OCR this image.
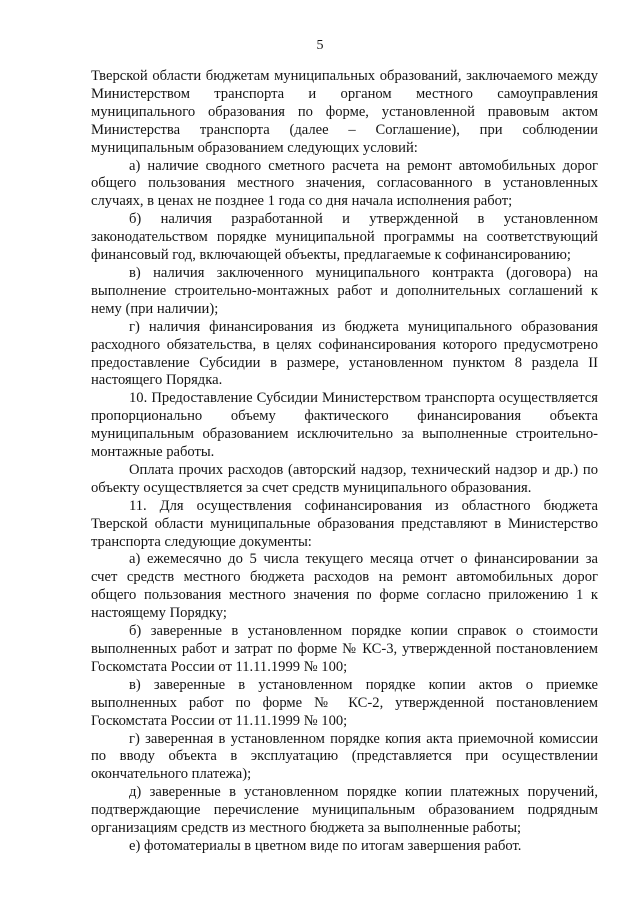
5

Тверской области бюджетам муниципальных образований, заключаемого между Министерством транспорта и органом местного самоуправления муниципального образования по форме, установленной правовым актом Министерства транспорта (далее – Соглашение), при соблюдении муниципальным образованием следующих условий:

а) наличие сводного сметного расчета на ремонт автомобильных дорог общего пользования местного значения, согласованного в установленных случаях, в ценах не позднее 1 года со дня начала исполнения работ;

б) наличия разработанной и утвержденной в установленном законодательством порядке муниципальной программы на соответствующий финансовый год, включающей объекты, предлагаемые к софинансированию;

в) наличия заключенного муниципального контракта (договора) на выполнение строительно-монтажных работ и дополнительных соглашений к нему (при наличии);

г) наличия финансирования из бюджета муниципального образования расходного обязательства, в целях софинансирования которого предусмотрено предоставление Субсидии в размере, установленном пунктом 8 раздела II настоящего Порядка.

10. Предоставление Субсидии Министерством транспорта осуществляется пропорционально объему фактического финансирования объекта муниципальным образованием исключительно за выполненные строительно-монтажные работы.

Оплата прочих расходов (авторский надзор, технический надзор и др.) по объекту осуществляется за счет средств муниципального образования.

11. Для осуществления софинансирования из областного бюджета Тверской области муниципальные образования представляют в Министерство транспорта следующие документы:

а) ежемесячно до 5 числа текущего месяца отчет о финансировании за счет средств местного бюджета расходов на ремонт автомобильных дорог общего пользования местного значения по форме согласно приложению 1 к настоящему Порядку;

б) заверенные в установленном порядке копии справок о стоимости выполненных работ и затрат по форме № КС-3, утвержденной постановлением Госкомстата России от 11.11.1999 № 100;

в) заверенные в установленном порядке копии актов о приемке выполненных работ по форме № КС-2, утвержденной постановлением Госкомстата России от 11.11.1999 № 100;

г) заверенная в установленном порядке копия акта приемочной комиссии по вводу объекта в эксплуатацию (представляется при осуществлении окончательного платежа);

д) заверенные в установленном порядке копии платежных поручений, подтверждающие перечисление муниципальным образованием подрядным организациям средств из местного бюджета за выполненные работы;

е) фотоматериалы в цветном виде по итогам завершения работ.
